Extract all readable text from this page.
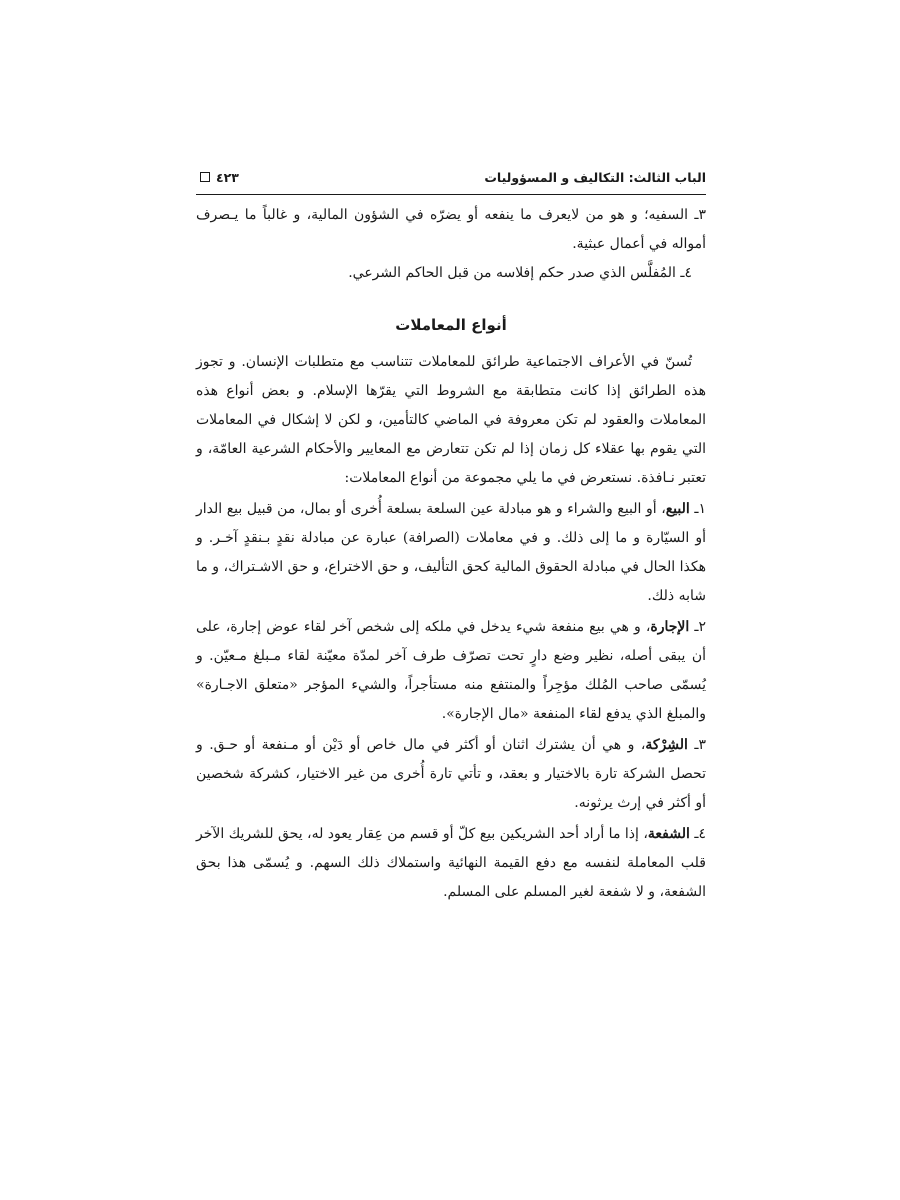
الباب الثالث: التكاليف و المسؤوليات
٤٢٣

٣ـ السفيه؛ و هو من لايعرف ما ينفعه أو يضرّه في الشؤون المالية، و غالباً ما يـصرف أمواله في أعمال عبثية.

٤ـ المُفلَّس الذي صدر حكم إفلاسه من قبل الحاكم الشرعي.

أنواع المعاملات

تُسنّ في الأعراف الاجتماعية طرائق للمعاملات تتناسب مع متطلبات الإنسان. و تجوز هذه الطرائق إذا كانت متطابقة مع الشروط التي يقرّها الإسلام. و بعض أنواع هذه المعاملات والعقود لم تكن معروفة في الماضي كالتأمين، و لكن لا إشكال في المعاملات التي يقوم بها عقلاء كل زمان إذا لم تكن تتعارض مع المعايير والأحكام الشرعية العامّة، و تعتبر نـافذة. نستعرض في ما يلي مجموعة من أنواع المعاملات:

١ـ البيع، أو البيع والشراء و هو مبادلة عين السلعة بسلعة أُخرى أو بمال، من قبيل بيع الدار أو السيّارة و ما إلى ذلك. و في معاملات (الصرافة) عبارة عن مبادلة نقدٍ بـنقدٍ آخـر. و هكذا الحال في مبادلة الحقوق المالية كحق التأليف، و حق الاختراع، و حق الاشـتراك، و ما شابه ذلك.

٢ـ الإجارة، و هي بيع منفعة شيء يدخل في ملكه إلى شخص آخر لقاء عوض إجارة، على أن يبقى أصله، نظير وضع دارٍ تحت تصرّف طرف آخر لمدّة معيّنة لقاء مـبلغ مـعيّن. و يُسمّى صاحب المُلك مؤجِراً والمنتفع منه مستأجراً، والشيء المؤجر «متعلق الاجـارة» والمبلغ الذي يدفع لقاء المنفعة «مال الإجارة».

٣ـ الشِرْكة، و هي أن يشترك اثنان أو أكثر في مال خاص أو دَيْن أو مـنفعة أو حـق. و تحصل الشركة تارة بالاختيار و بعقد، و تأتي تارة أُخرى من غير الاختيار، كشركة شخصين أو أكثر في إرث يرثونه.

٤ـ الشفعة، إذا ما أراد أحد الشريكين بيع كلّ أو قسم من عِقار يعود له، يحق للشريك الآخر قلب المعاملة لنفسه مع دفع القيمة النهائية واستملاك ذلك السهم. و يُسمّى هذا بحق الشفعة، و لا شفعة لغير المسلم على المسلم.
